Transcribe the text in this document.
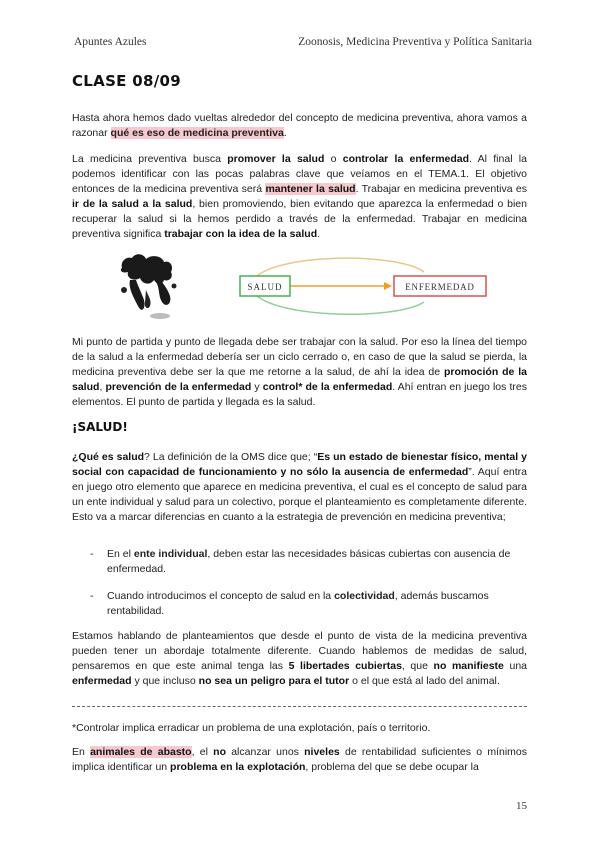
Apuntes Azules	Zoonosis, Medicina Preventiva y Política Sanitaria
CLASE 08/09

Hasta ahora hemos dado vueltas alrededor del concepto de medicina preventiva, ahora vamos a razonar qué es eso de medicina preventiva.

La medicina preventiva busca promover la salud o controlar la enfermedad. Al final la podemos identificar con las pocas palabras clave que veíamos en el TEMA.1. El objetivo entonces de la medicina preventiva será mantener la salud. Trabajar en medicina preventiva es ir de la salud a la salud, bien promoviendo, bien evitando que aparezca la enfermedad o bien recuperar la salud si la hemos perdido a través de la enfermedad. Trabajar en medicina preventiva significa trabajar con la idea de la salud.

SALUD	ENFERMEDAD

Mi punto de partida y punto de llegada debe ser trabajar con la salud. Por eso la línea del tiempo de la salud a la enfermedad debería ser un ciclo cerrado o, en caso de que la salud se pierda, la medicina preventiva debe ser la que me retorne a la salud, de ahí la idea de promoción de la salud, prevención de la enfermedad y control* de la enfermedad. Ahí entran en juego los tres elementos. El punto de partida y llegada es la salud.

¡SALUD!

¿Qué es salud? La definición de la OMS dice que; “Es un estado de bienestar físico, mental y social con capacidad de funcionamiento y no sólo la ausencia de enfermedad”. Aquí entra en juego otro elemento que aparece en medicina preventiva, el cual es el concepto de salud para un ente individual y salud para un colectivo, porque el planteamiento es completamente diferente. Esto va a marcar diferencias en cuanto a la estrategia de prevención en medicina preventiva;

- En el ente individual, deben estar las necesidades básicas cubiertas con ausencia de enfermedad.

- Cuando introducimos el concepto de salud en la colectividad, además buscamos rentabilidad.

Estamos hablando de planteamientos que desde el punto de vista de la medicina preventiva pueden tener un abordaje totalmente diferente. Cuando hablemos de medidas de salud, pensaremos en que este animal tenga las 5 libertades cubiertas, que no manifieste una enfermedad y que incluso no sea un peligro para el tutor o el que está al lado del animal.

*Controlar implica erradicar un problema de una explotación, país o territorio.

En animales de abasto, el no alcanzar unos niveles de rentabilidad suficientes o mínimos implica identificar un problema en la explotación, problema del que se debe ocupar la

15
